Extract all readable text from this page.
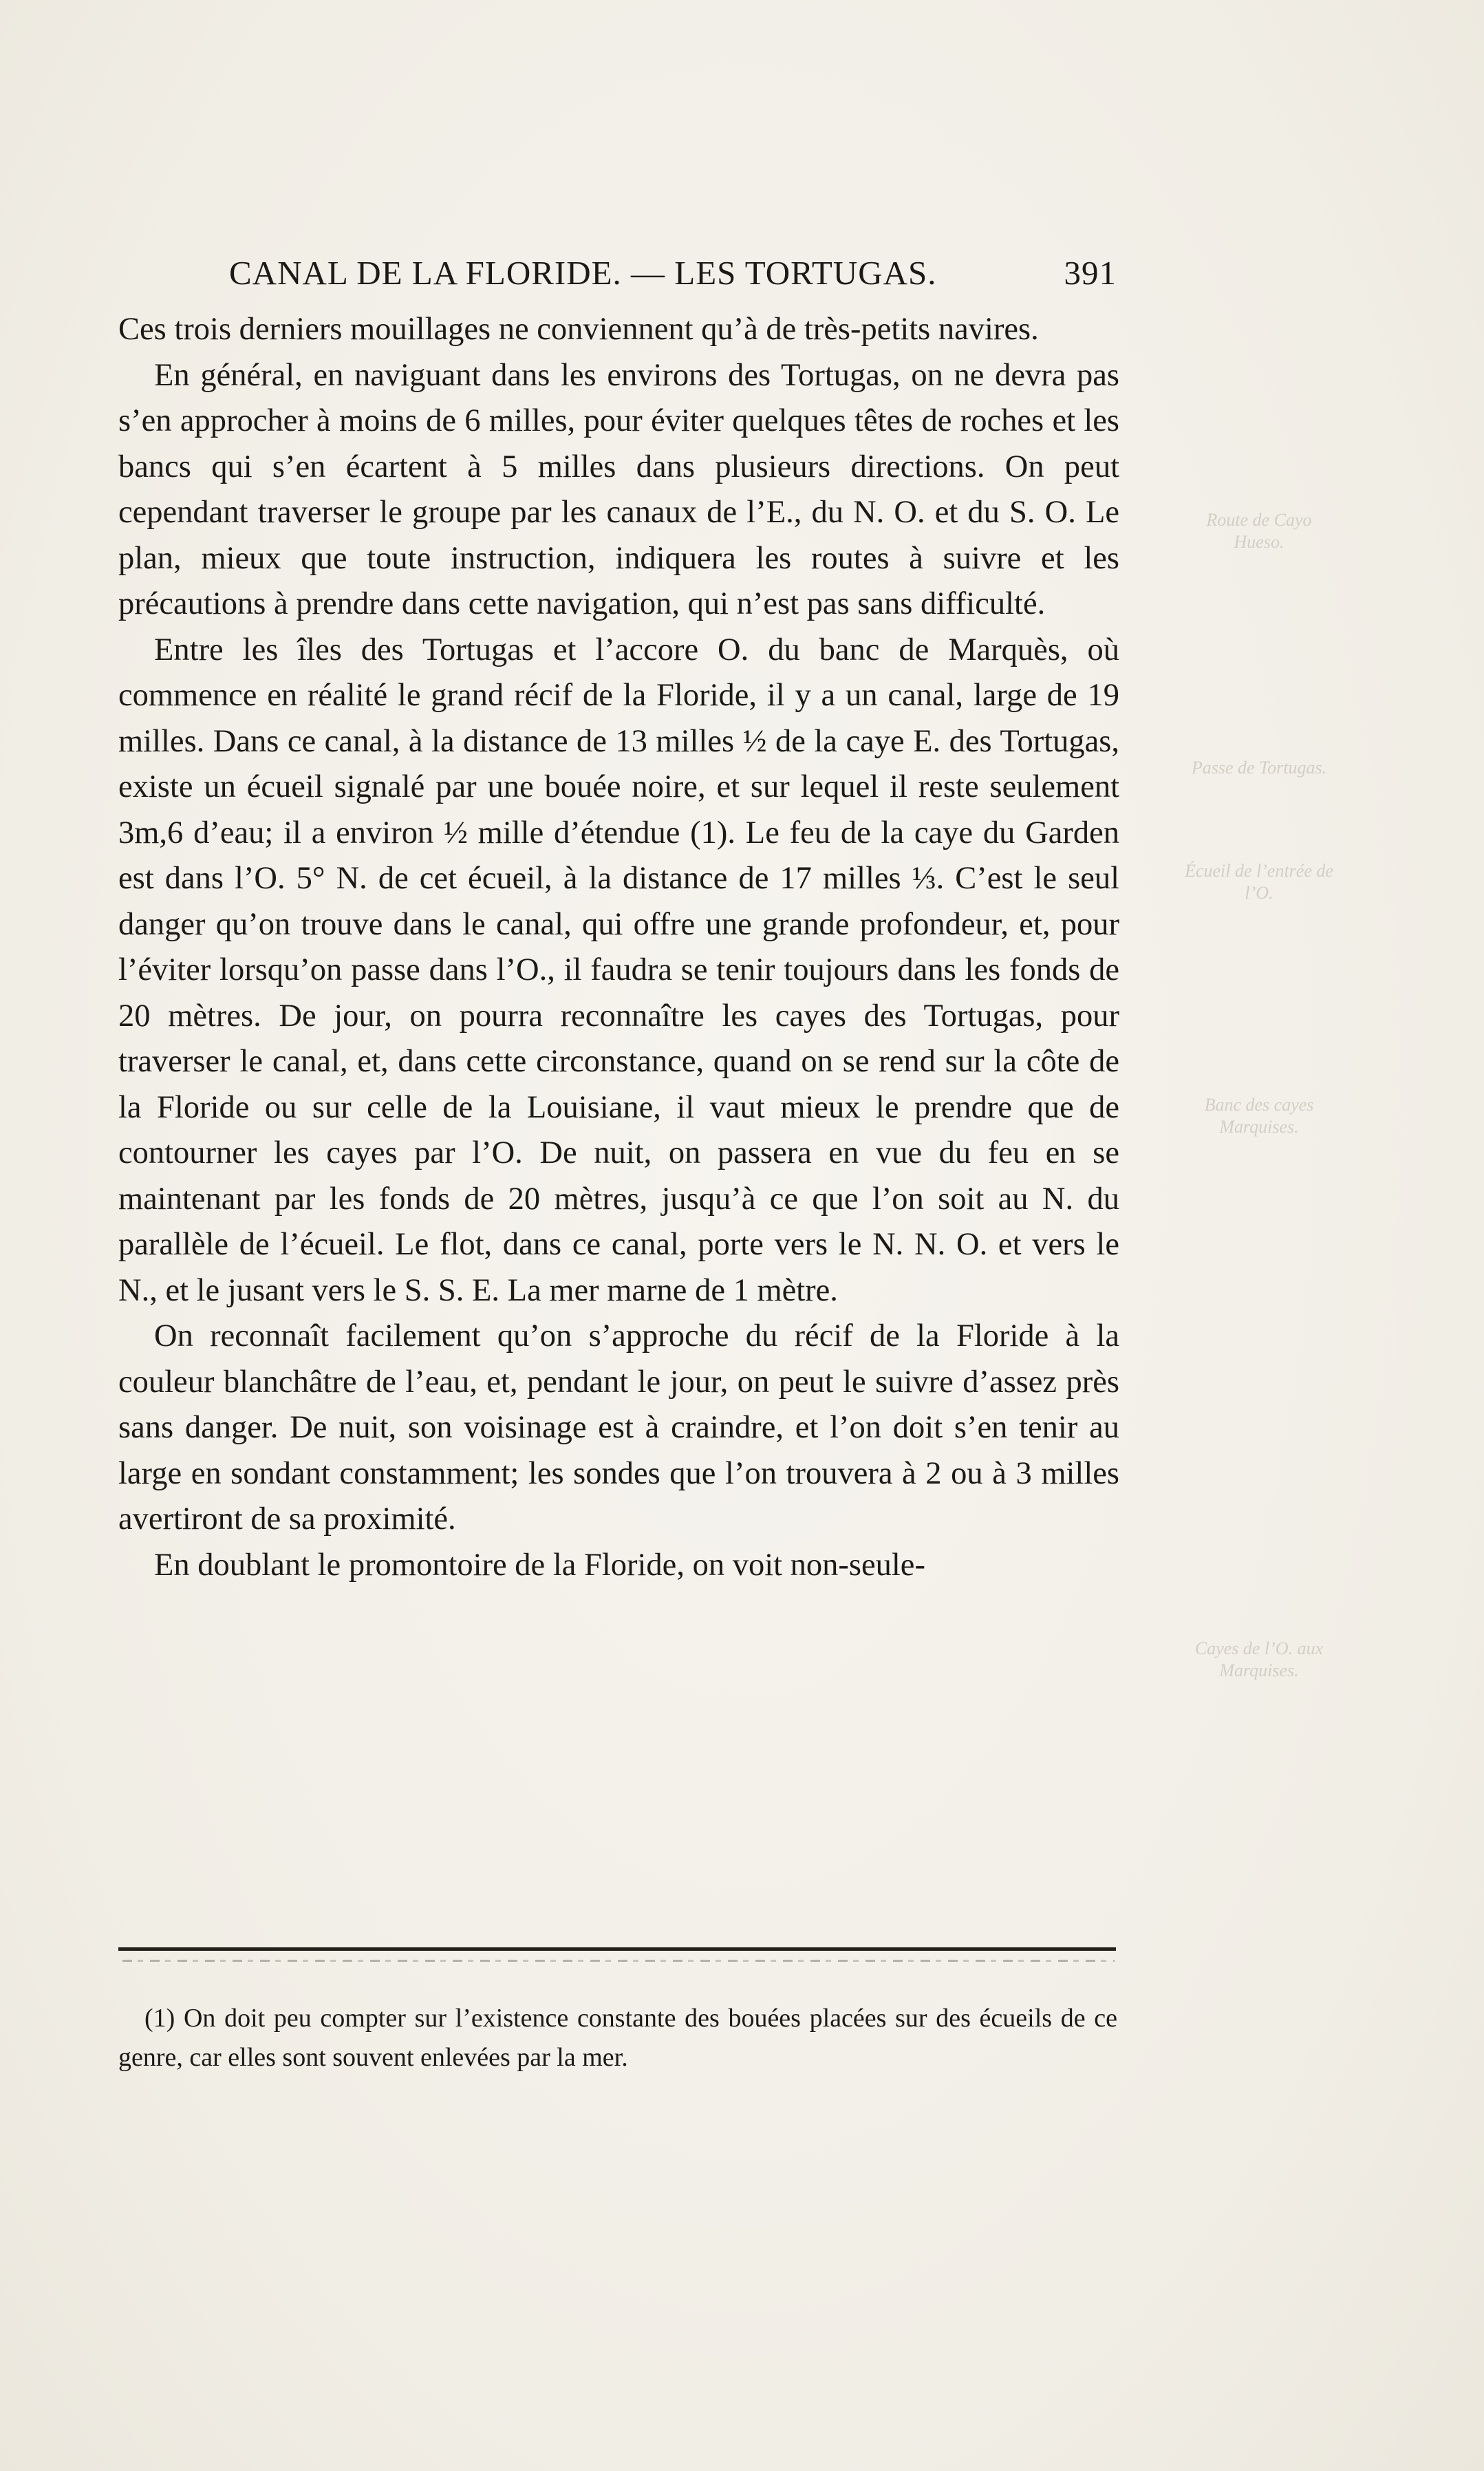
CANAL DE LA FLORIDE. — LES TORTUGAS.	391

Ces trois derniers mouillages ne conviennent qu’à de très-petits navires.

En général, en naviguant dans les environs des Tortugas, on ne devra pas s’en approcher à moins de 6 milles, pour éviter quelques têtes de roches et les bancs qui s’en écartent à 5 milles dans plusieurs directions. On peut cependant traverser le groupe par les canaux de l’E., du N. O. et du S. O. Le plan, mieux que toute instruction, indiquera les routes à suivre et les précautions à prendre dans cette navigation, qui n’est pas sans difficulté.

Entre les îles des Tortugas et l’accore O. du banc de Marquès, où commence en réalité le grand récif de la Floride, il y a un canal, large de 19 milles. Dans ce canal, à la distance de 13 milles ½ de la caye E. des Tortugas, existe un écueil signalé par une bouée noire, et sur lequel il reste seulement 3m,6 d’eau; il a environ ½ mille d’étendue (1). Le feu de la caye du Garden est dans l’O. 5° N. de cet écueil, à la distance de 17 milles ⅓. C’est le seul danger qu’on trouve dans le canal, qui offre une grande profondeur, et, pour l’éviter lorsqu’on passe dans l’O., il faudra se tenir toujours dans les fonds de 20 mètres. De jour, on pourra reconnaître les cayes des Tortugas, pour traverser le canal, et, dans cette circonstance, quand on se rend sur la côte de la Floride ou sur celle de la Louisiane, il vaut mieux le prendre que de contourner les cayes par l’O. De nuit, on passera en vue du feu en se maintenant par les fonds de 20 mètres, jusqu’à ce que l’on soit au N. du parallèle de l’écueil. Le flot, dans ce canal, porte vers le N. N. O. et vers le N., et le jusant vers le S. S. E. La mer marne de 1 mètre.

On reconnaît facilement qu’on s’approche du récif de la Floride à la couleur blanchâtre de l’eau, et, pendant le jour, on peut le suivre d’assez près sans danger. De nuit, son voisinage est à craindre, et l’on doit s’en tenir au large en sondant constamment; les sondes que l’on trouvera à 2 ou à 3 milles avertiront de sa proximité.

En doublant le promontoire de la Floride, on voit non-seule-

(1) On doit peu compter sur l’existence constante des bouées placées sur des écueils de ce genre, car elles sont souvent enlevées par la mer.

Route de Cayo Hueso.
Passe de Tortugas.
Écueil de l’entrée de l’O.
Banc des cayes Marquises.
Cayes de l’O. aux Marquises.
